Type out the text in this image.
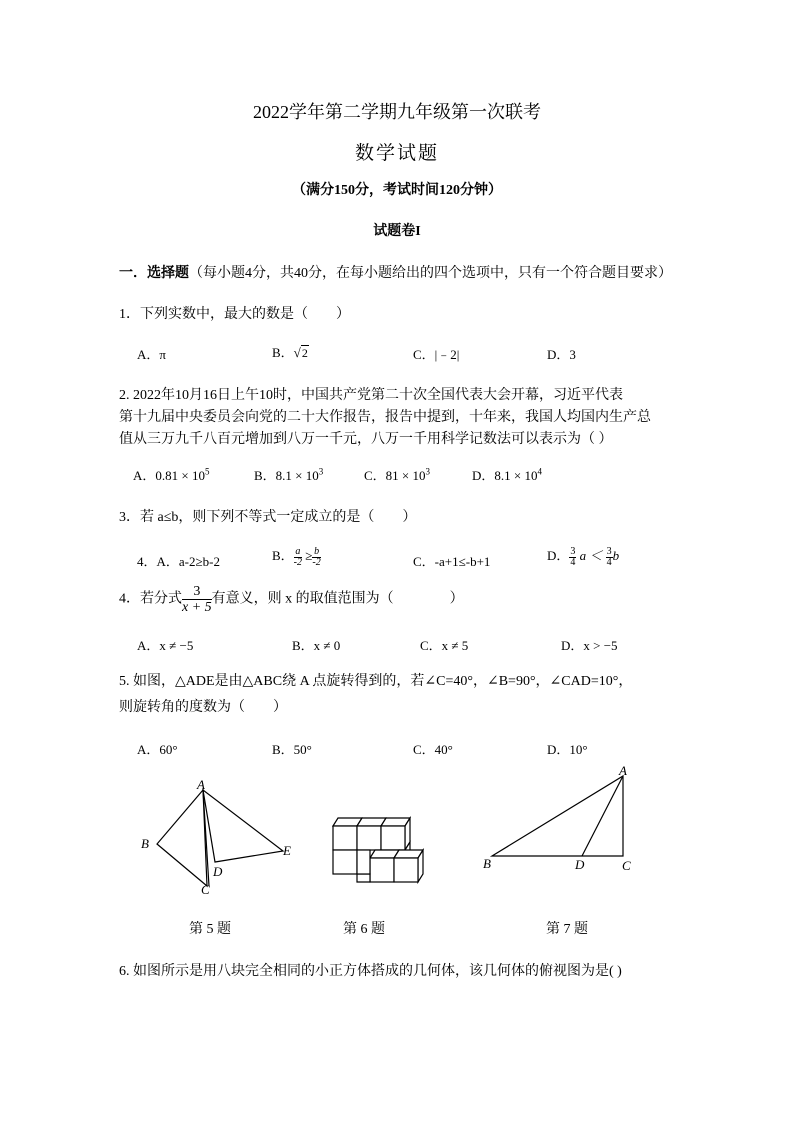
2022学年第二学期九年级第一次联考
数学试题
（满分150分，考试时间120分钟）
试题卷I
一．选择题（每小题4分，共40分，在每小题给出的四个选项中，只有一个符合题目要求）
1．下列实数中，最大的数是（　　）
A．π	B．√2	C．|﹣2|	D．3
2. 2022年10月16日上午10时，中国共产党第二十次全国代表大会开幕，习近平代表
第十九届中央委员会向党的二十大作报告，报告中提到，十年来，我国人均国内生产总
值从三万九千八百元增加到八万一千元，八万一千用科学记数法可以表示为（ ）
A．$0.81 \times 10^5$	B．$8.1 \times 10^3$	C．$81 \times 10^3$	D．$8.1 \times 10^4$
3．若 a≤b，则下列不等式一定成立的是（　　）
4．A．a-2≥b-2	B． $\frac{a}{-2} \ge \frac{b}{-2}$	C．-a+1≤-b+1	D． $\frac{3}{4}$ $a < \frac{3}{4}$ b
4．若分式 $\frac{3}{x + 5}$ 有意义，则 x 的取值范围为（　　　　）
A．x ≠ −5	B．x ≠ 0	C．x ≠ 5	D．x > −5
5. 如图，△ADE是由△ABC绕 A 点旋转得到的，若∠C=40°，∠B=90°，∠CAD=10°，
则旋转角的度数为（　　）
A．60°	B．50°	C．40°	D．10°
A
B
C
D
E
A
B	C
D
第 5 题	第 6 题	第 7 题
6. 如图所示是用八块完全相同的小正方体搭成的几何体，该几何体的俯视图为是( )
